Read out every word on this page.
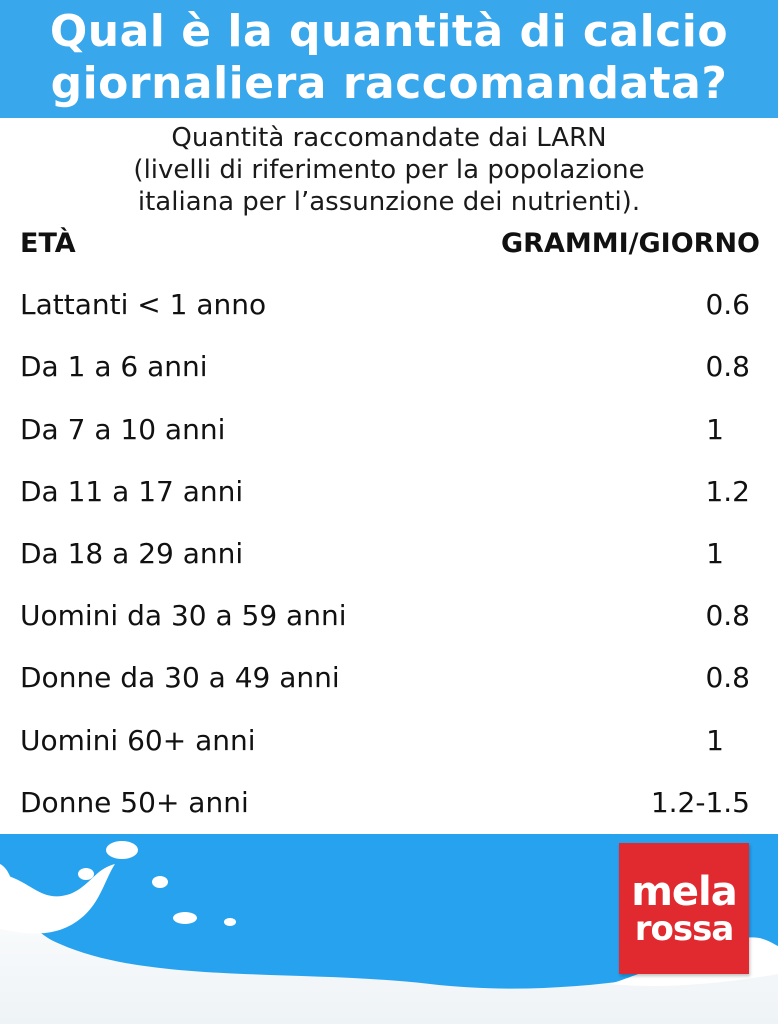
Qual è la quantità di calcio
giornaliera raccomandata?
Quantità raccomandate dai LARN
(livelli di riferimento per la popolazione
italiana per l’assunzione dei nutrienti).
ETÀ	GRAMMI/GIORNO
Lattanti < 1 anno	0.6
Da 1 a 6 anni	0.8
Da 7 a 10 anni	1
Da 11 a 17 anni	1.2
Da 18 a 29 anni	1
Uomini da 30 a 59 anni	0.8
Donne da 30 a 49 anni	0.8
Uomini 60+ anni	1
Donne 50+ anni	1.2-1.5
mela
rossa
